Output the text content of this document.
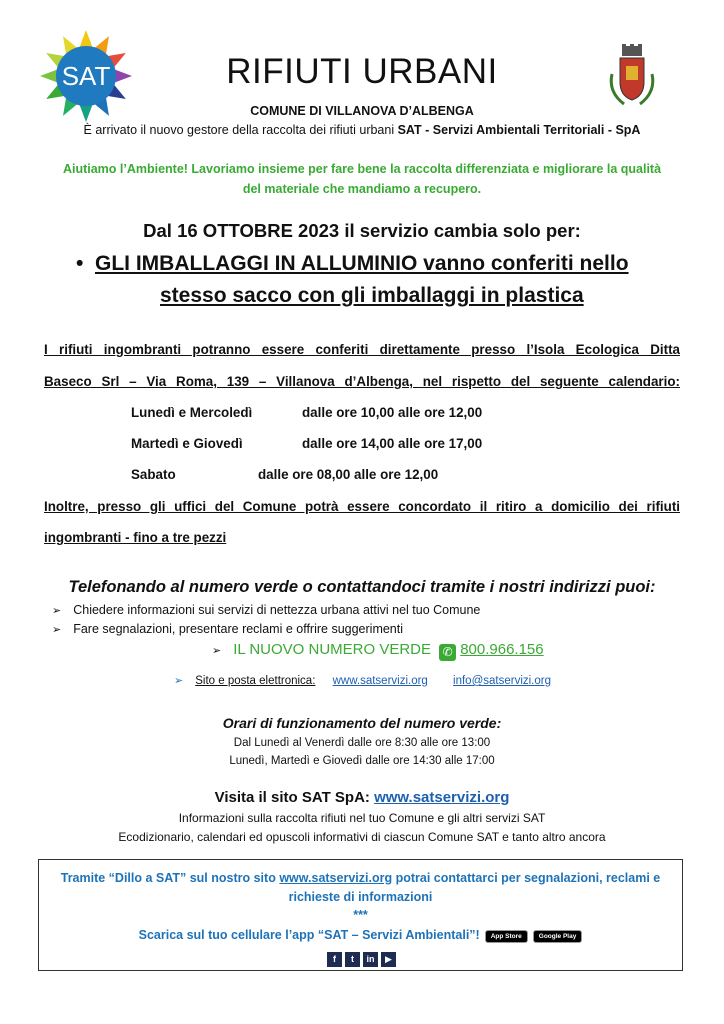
SAT	RIFIUTI URBANI
COMUNE DI VILLANOVA D’ALBENGA
È arrivato il nuovo gestore della raccolta dei rifiuti urbani SAT - Servizi Ambientali Territoriali - SpA
Aiutiamo l’Ambiente! Lavoriamo insieme per fare bene la raccolta differenziata e migliorare la qualità
del materiale che mandiamo a recupero.
Dal 16 OTTOBRE 2023 il servizio cambia solo per:
• GLI IMBALLAGGI IN ALLUMINIO vanno conferiti nello
stesso sacco con gli imballaggi in plastica
I rifiuti ingombranti potranno essere conferiti direttamente presso l’Isola Ecologica Ditta
Baseco Srl – Via Roma, 139 – Villanova d’Albenga, nel rispetto del seguente calendario:
Lunedì e Mercoledì	dalle ore 10,00 alle ore 12,00
Martedì e Giovedì	dalle ore 14,00 alle ore 17,00
Sabato	dalle ore 08,00 alle ore 12,00
Inoltre, presso gli uffici del Comune potrà essere concordato il ritiro a domicilio dei rifiuti
ingombranti - fino a tre pezzi
Telefonando al numero verde o contattandoci tramite i nostri indirizzi puoi:
➢ Chiedere informazioni sui servizi di nettezza urbana attivi nel tuo Comune
➢ Fare segnalazioni, presentare reclami e offrire suggerimenti
➢ IL NUOVO NUMERO VERDE ✆ 800.966.156
➢ Sito e posta elettronica: www.satservizi.org info@satservizi.org
Orari di funzionamento del numero verde:
Dal Lunedì al Venerdì dalle ore 8:30 alle ore 13:00
Lunedì, Martedì e Giovedì dalle ore 14:30 alle 17:00
Visita il sito SAT SpA: www.satservizi.org
Informazioni sulla raccolta rifiuti nel tuo Comune e gli altri servizi SAT
Ecodizionario, calendari ed opuscoli informativi di ciascun Comune SAT e tanto altro ancora
Tramite “Dillo a SAT” sul nostro sito www.satservizi.org potrai contattarci per segnalazioni, reclami e
richieste di informazioni
***
Scarica sul tuo cellulare l’app “SAT – Servizi Ambientali”! App Store	Google Play
f t in ▶
